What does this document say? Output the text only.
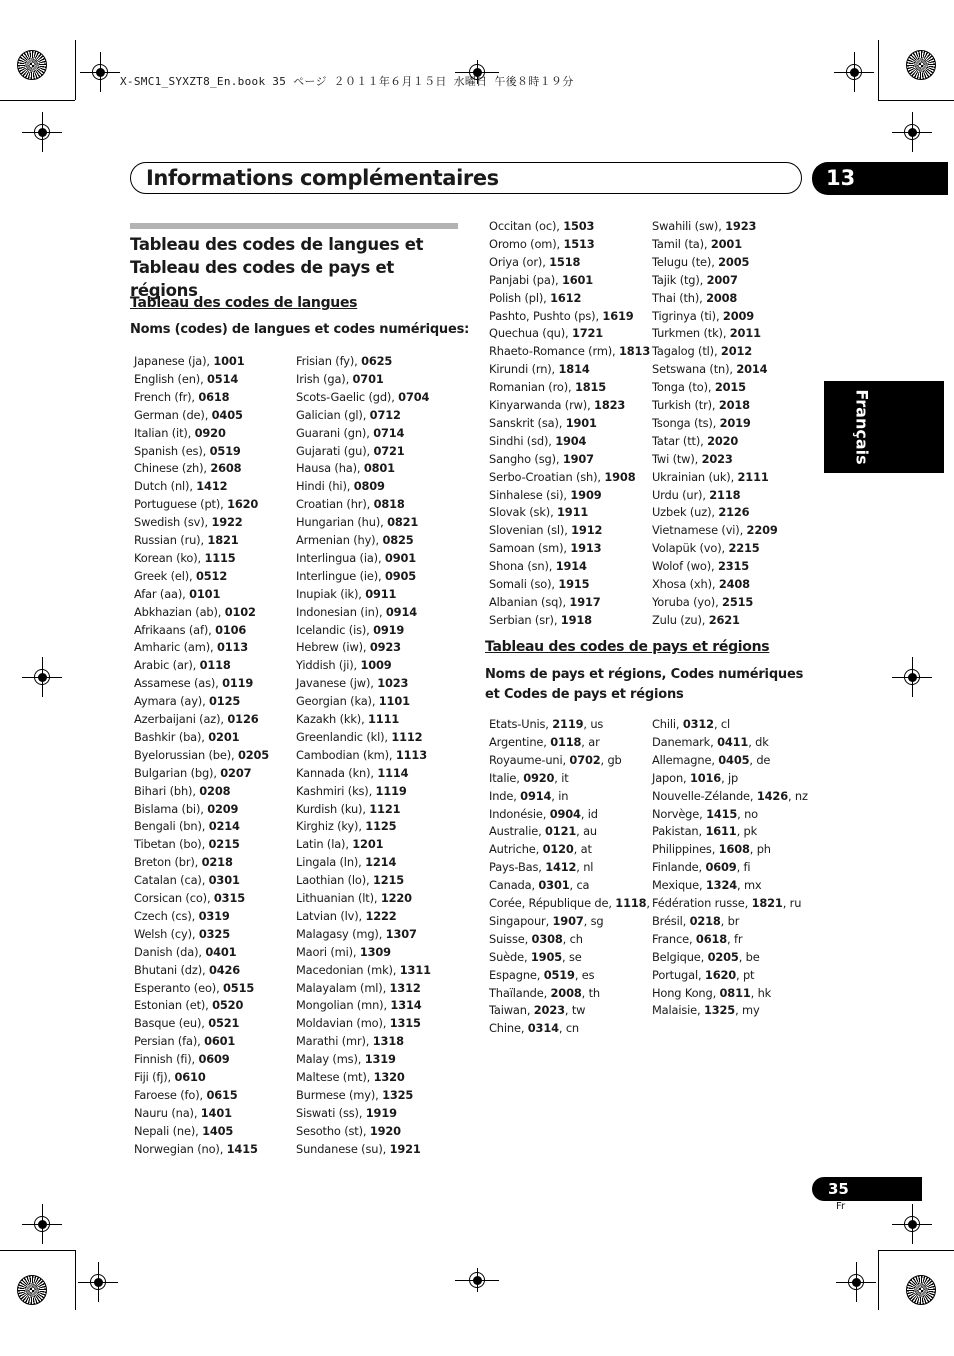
X-SMC1_SYXZT8_En.book 35 ページ ２０１１年６月１５日 水曜日 午後８時１９分
Informations complémentaires	13
Tableau des codes de langues et Tableau des codes de pays et régions
Tableau des codes de langues
Noms (codes) de langues et codes numériques:
Japanese (ja), 1001
English (en), 0514
French (fr), 0618
German (de), 0405
Italian (it), 0920
Spanish (es), 0519
Chinese (zh), 2608
Dutch (nl), 1412
Portuguese (pt), 1620
Swedish (sv), 1922
Russian (ru), 1821
Korean (ko), 1115
Greek (el), 0512
Afar (aa), 0101
Abkhazian (ab), 0102
Afrikaans (af), 0106
Amharic (am), 0113
Arabic (ar), 0118
Assamese (as), 0119
Aymara (ay), 0125
Azerbaijani (az), 0126
Bashkir (ba), 0201
Byelorussian (be), 0205
Bulgarian (bg), 0207
Bihari (bh), 0208
Bislama (bi), 0209
Bengali (bn), 0214
Tibetan (bo), 0215
Breton (br), 0218
Catalan (ca), 0301
Corsican (co), 0315
Czech (cs), 0319
Welsh (cy), 0325
Danish (da), 0401
Bhutani (dz), 0426
Esperanto (eo), 0515
Estonian (et), 0520
Basque (eu), 0521
Persian (fa), 0601
Finnish (fi), 0609
Fiji (fj), 0610
Faroese (fo), 0615
Nauru (na), 1401
Nepali (ne), 1405
Norwegian (no), 1415
Frisian (fy), 0625
Irish (ga), 0701
Scots-Gaelic (gd), 0704
Galician (gl), 0712
Guarani (gn), 0714
Gujarati (gu), 0721
Hausa (ha), 0801
Hindi (hi), 0809
Croatian (hr), 0818
Hungarian (hu), 0821
Armenian (hy), 0825
Interlingua (ia), 0901
Interlingue (ie), 0905
Inupiak (ik), 0911
Indonesian (in), 0914
Icelandic (is), 0919
Hebrew (iw), 0923
Yiddish (ji), 1009
Javanese (jw), 1023
Georgian (ka), 1101
Kazakh (kk), 1111
Greenlandic (kl), 1112
Cambodian (km), 1113
Kannada (kn), 1114
Kashmiri (ks), 1119
Kurdish (ku), 1121
Kirghiz (ky), 1125
Latin (la), 1201
Lingala (ln), 1214
Laothian (lo), 1215
Lithuanian (lt), 1220
Latvian (lv), 1222
Malagasy (mg), 1307
Maori (mi), 1309
Macedonian (mk), 1311
Malayalam (ml), 1312
Mongolian (mn), 1314
Moldavian (mo), 1315
Marathi (mr), 1318
Malay (ms), 1319
Maltese (mt), 1320
Burmese (my), 1325
Siswati (ss), 1919
Sesotho (st), 1920
Sundanese (su), 1921
Occitan (oc), 1503
Oromo (om), 1513
Oriya (or), 1518
Panjabi (pa), 1601
Polish (pl), 1612
Pashto, Pushto (ps), 1619
Quechua (qu), 1721
Rhaeto-Romance (rm), 1813
Kirundi (rn), 1814
Romanian (ro), 1815
Kinyarwanda (rw), 1823
Sanskrit (sa), 1901
Sindhi (sd), 1904
Sangho (sg), 1907
Serbo-Croatian (sh), 1908
Sinhalese (si), 1909
Slovak (sk), 1911
Slovenian (sl), 1912
Samoan (sm), 1913
Shona (sn), 1914
Somali (so), 1915
Albanian (sq), 1917
Serbian (sr), 1918
Swahili (sw), 1923
Tamil (ta), 2001
Telugu (te), 2005
Tajik (tg), 2007
Thai (th), 2008
Tigrinya (ti), 2009
Turkmen (tk), 2011
Tagalog (tl), 2012
Setswana (tn), 2014
Tonga (to), 2015
Turkish (tr), 2018
Tsonga (ts), 2019
Tatar (tt), 2020
Twi (tw), 2023
Ukrainian (uk), 2111
Urdu (ur), 2118
Uzbek (uz), 2126
Vietnamese (vi), 2209
Volapük (vo), 2215
Wolof (wo), 2315
Xhosa (xh), 2408
Yoruba (yo), 2515
Zulu (zu), 2621
Tableau des codes de pays et régions
Noms de pays et régions, Codes numériques et Codes de pays et régions
Etats-Unis, 2119, us
Argentine, 0118, ar
Royaume-uni, 0702, gb
Italie, 0920, it
Inde, 0914, in
Indonésie, 0904, id
Australie, 0121, au
Autriche, 0120, at
Pays-Bas, 1412, nl
Canada, 0301, ca
Corée, République de, 1118,
Singapour, 1907, sg
Suisse, 0308, ch
Suède, 1905, se
Espagne, 0519, es
Thaïlande, 2008, th
Taiwan, 2023, tw
Chine, 0314, cn
Chili, 0312, cl
Danemark, 0411, dk
Allemagne, 0405, de
Japon, 1016, jp
Nouvelle-Zélande, 1426, nz
Norvège, 1415, no
Pakistan, 1611, pk
Philippines, 1608, ph
Finlande, 0609, fi
Mexique, 1324, mx
Fédération russe, 1821, ru
Brésil, 0218, br
France, 0618, fr
Belgique, 0205, be
Portugal, 1620, pt
Hong Kong, 0811, hk
Malaisie, 1325, my
Français
35
Fr
